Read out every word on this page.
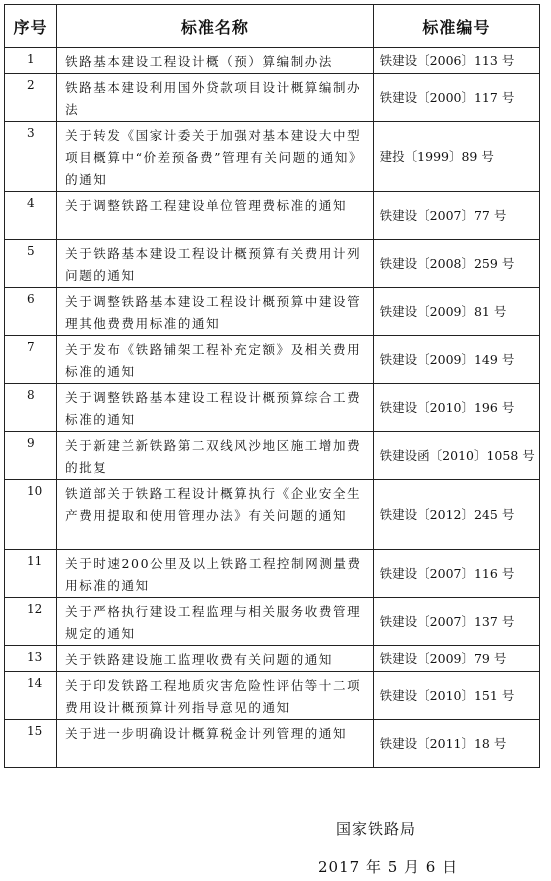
序号	标准名称	标准编号
1	铁路基本建设工程设计概（预）算编制办法	铁建设〔2006〕113 号
2	铁路基本建设利用国外贷款项目设计概算编制办法	铁建设〔2000〕117 号
3	关于转发《国家计委关于加强对基本建设大中型项目概算中“价差预备费”管理有关问题的通知》的通知	建投〔1999〕89 号
4	关于调整铁路工程建设单位管理费标准的通知	铁建设〔2007〕77 号
5	关于铁路基本建设工程设计概预算有关费用计列问题的通知	铁建设〔2008〕259 号
6	关于调整铁路基本建设工程设计概预算中建设管理其他费费用标准的通知	铁建设〔2009〕81 号
7	关于发布《铁路铺架工程补充定额》及相关费用标准的通知	铁建设〔2009〕149 号
8	关于调整铁路基本建设工程设计概预算综合工费标准的通知	铁建设〔2010〕196 号
9	关于新建兰新铁路第二双线风沙地区施工增加费的批复	铁建设函〔2010〕1058 号
10	铁道部关于铁路工程设计概算执行《企业安全生产费用提取和使用管理办法》有关问题的通知	铁建设〔2012〕245 号
11	关于时速200公里及以上铁路工程控制网测量费用标准的通知	铁建设〔2007〕116 号
12	关于严格执行建设工程监理与相关服务收费管理规定的通知	铁建设〔2007〕137 号
13	关于铁路建设施工监理收费有关问题的通知	铁建设〔2009〕79 号
14	关于印发铁路工程地质灾害危险性评估等十二项费用设计概预算计列指导意见的通知	铁建设〔2010〕151 号
15	关于进一步明确设计概算税金计列管理的通知	铁建设〔2011〕18 号
国家铁路局
2017 年 5 月 6 日
